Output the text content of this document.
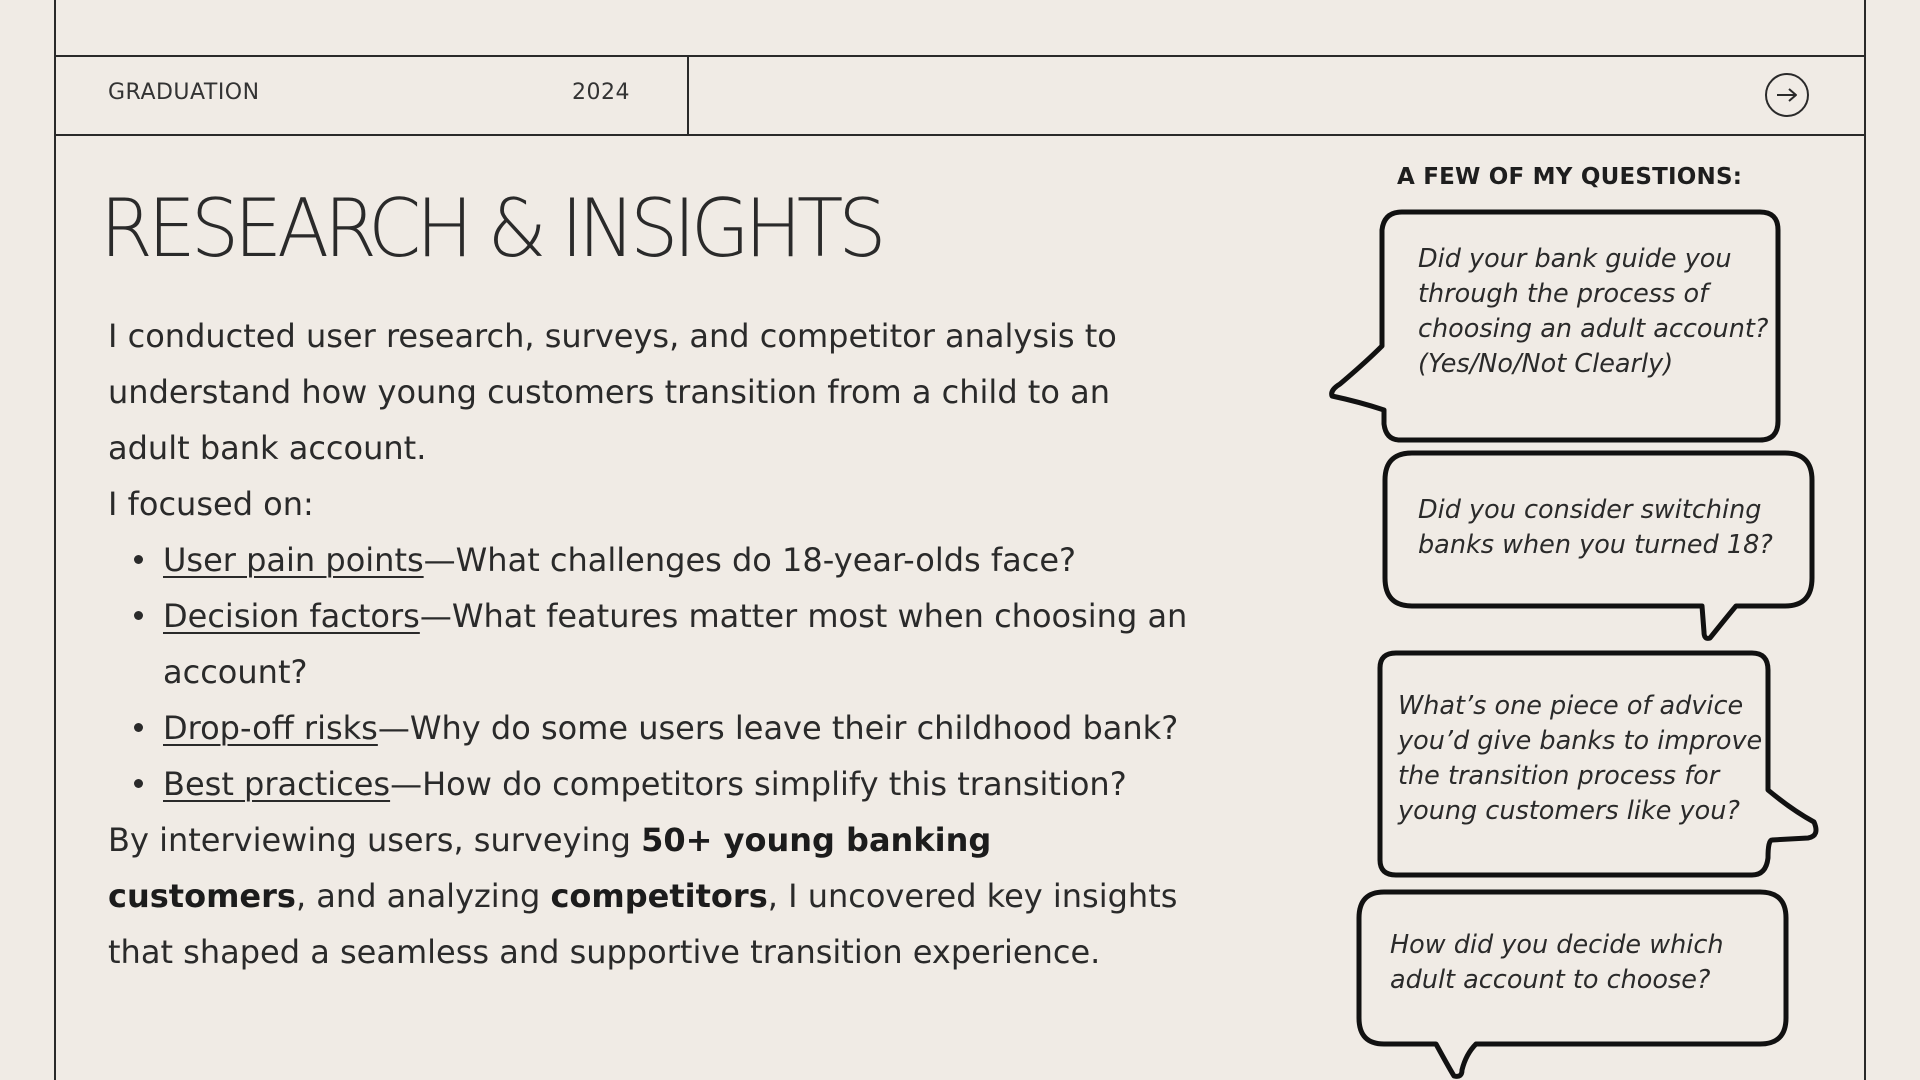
GRADUATION	2024
RESEARCH & INSIGHTS

I conducted user research, surveys, and competitor analysis to understand how young customers transition from a child to an adult bank account.

I focused on:

User pain points—What challenges do 18-year-olds face?
Decision factors—What features matter most when choosing an account?
Drop-off risks—Why do some users leave their childhood bank?
Best practices—How do competitors simplify this transition?

By interviewing users, surveying 50+ young banking customers, and analyzing competitors, I uncovered key insights that shaped a seamless and supportive transition experience.

A FEW OF MY QUESTIONS:
Did your bank guide you
through the process of
choosing an adult account?
(Yes/No/Not Clearly)
Did you consider switching
banks when you turned 18?
What’s one piece of advice
you’d give banks to improve
the transition process for
young customers like you?
How did you decide which
adult account to choose?
